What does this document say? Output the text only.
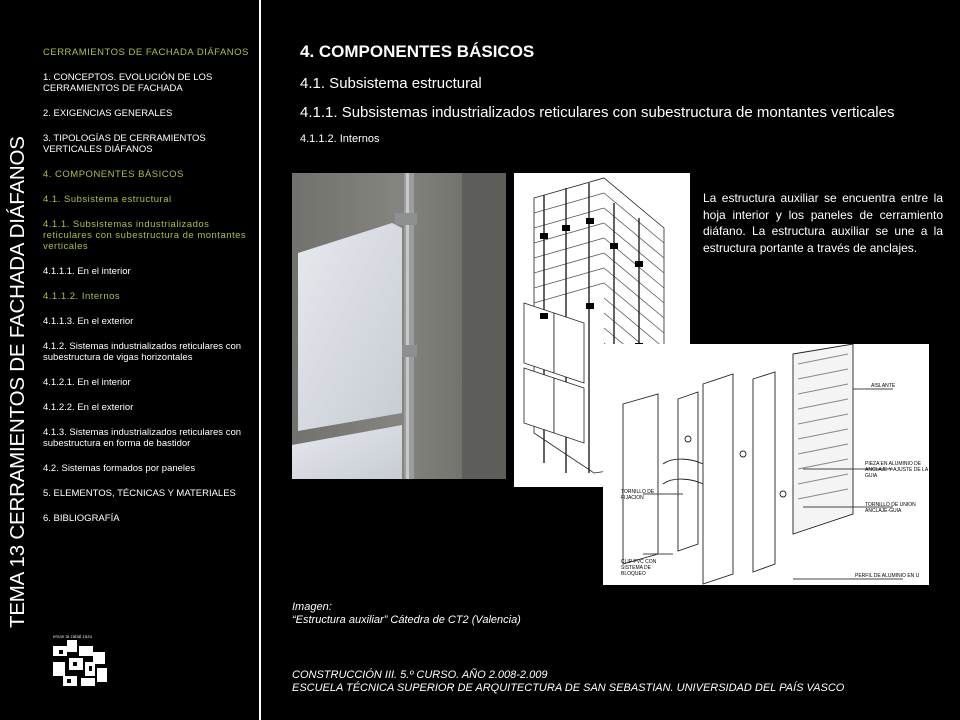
TEMA 13 CERRAMIENTOS DE FACHADA DIÁFANOS
CERRAMIENTOS DE FACHADA DIÁFANOS
1. CONCEPTOS. EVOLUCIÓN DE LOS CERRAMIENTOS DE FACHADA
2. EXIGENCIAS GENERALES
3. TIPOLOGÍAS DE CERRAMIENTOS VERTICALES DIÁFANOS
4. COMPONENTES BÁSICOS
4.1. Subsistema estructural
4.1.1. Subsistemas industrializados reticulares con subestructura de montantes verticales
4.1.1.1. En el interior
4.1.1.2. Internos
4.1.1.3. En el exterior
4.1.2. Sistemas industrializados reticulares con subestructura de vigas horizontales
4.1.2.1. En el interior
4.1.2.2. En el exterior
4.1.3. Sistemas industrializados reticulares con subestructura en forma de bastidor
4.2. Sistemas formados por paneles
5. ELEMENTOS, TÉCNICAS Y MATERIALES
6. BIBLIOGRAFÍA
eman ta zabal zazu
4. COMPONENTES BÁSICOS
4.1. Subsistema estructural
4.1.1. Subsistemas industrializados reticulares con subestructura de montantes verticales
4.1.1.2. Internos
AISLANTE
PIEZA EN ALUMINIO DE ANCLAJE Y AJUSTE DE LA GUIA
TORNILLO DE UNION ANCLAJE-GUIA
TORNILLO DE FIJACION
CLIP PVC CON SISTEMA DE BLOQUEO	PERFIL DE ALUMINIO EN U
La estructura auxiliar se encuentra entre la hoja interior y los paneles de cerramiento diáfano. La estructura auxiliar se une a la estructura portante a través de anclajes.
Imagen:
“Estructura auxiliar” Cátedra de CT2 (Valencia)
CONSTRUCCIÓN III. 5.º CURSO. AÑO 2.008-2.009
ESCUELA TÉCNICA SUPERIOR DE ARQUITECTURA DE SAN SEBASTIAN. UNIVERSIDAD DEL PAÍS VASCO
